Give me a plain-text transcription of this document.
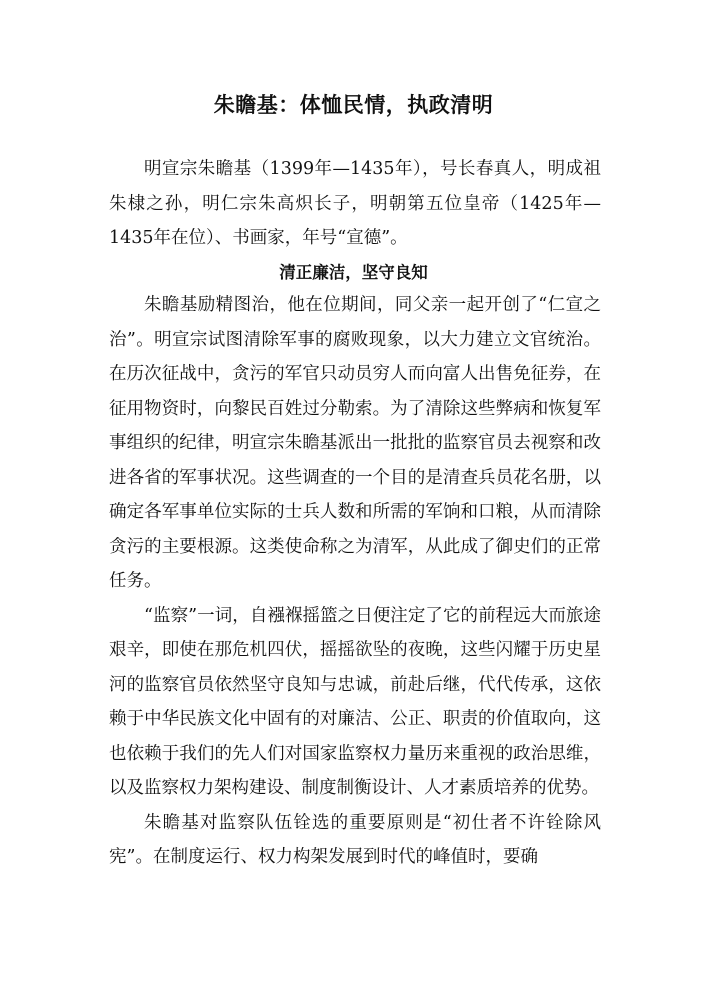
朱瞻基：体恤民情，执政清明

明宣宗朱瞻基（1399年—1435年），号长春真人，明成祖朱棣之孙，明仁宗朱高炽长子，明朝第五位皇帝（1425年—1435年在位）、书画家，年号“宣德”。

清正廉洁，坚守良知

朱瞻基励精图治，他在位期间，同父亲一起开创了“仁宣之治”。明宣宗试图清除军事的腐败现象，以大力建立文官统治。在历次征战中，贪污的军官只动员穷人而向富人出售免征券，在征用物资时，向黎民百姓过分勒索。为了清除这些弊病和恢复军事组织的纪律，明宣宗朱瞻基派出一批批的监察官员去视察和改进各省的军事状况。这些调查的一个目的是清查兵员花名册，以确定各军事单位实际的士兵人数和所需的军饷和口粮，从而清除贪污的主要根源。这类使命称之为清军，从此成了御史们的正常任务。

“监察”一词，自襁褓摇篮之日便注定了它的前程远大而旅途艰辛，即使在那危机四伏，摇摇欲坠的夜晚，这些闪耀于历史星河的监察官员依然坚守良知与忠诚，前赴后继，代代传承，这依赖于中华民族文化中固有的对廉洁、公正、职责的价值取向，这也依赖于我们的先人们对国家监察权力量历来重视的政治思维，以及监察权力架构建设、制度制衡设计、人才素质培养的优势。

朱瞻基对监察队伍铨选的重要原则是“初仕者不许铨除风宪”。在制度运行、权力构架发展到时代的峰值时，要确
